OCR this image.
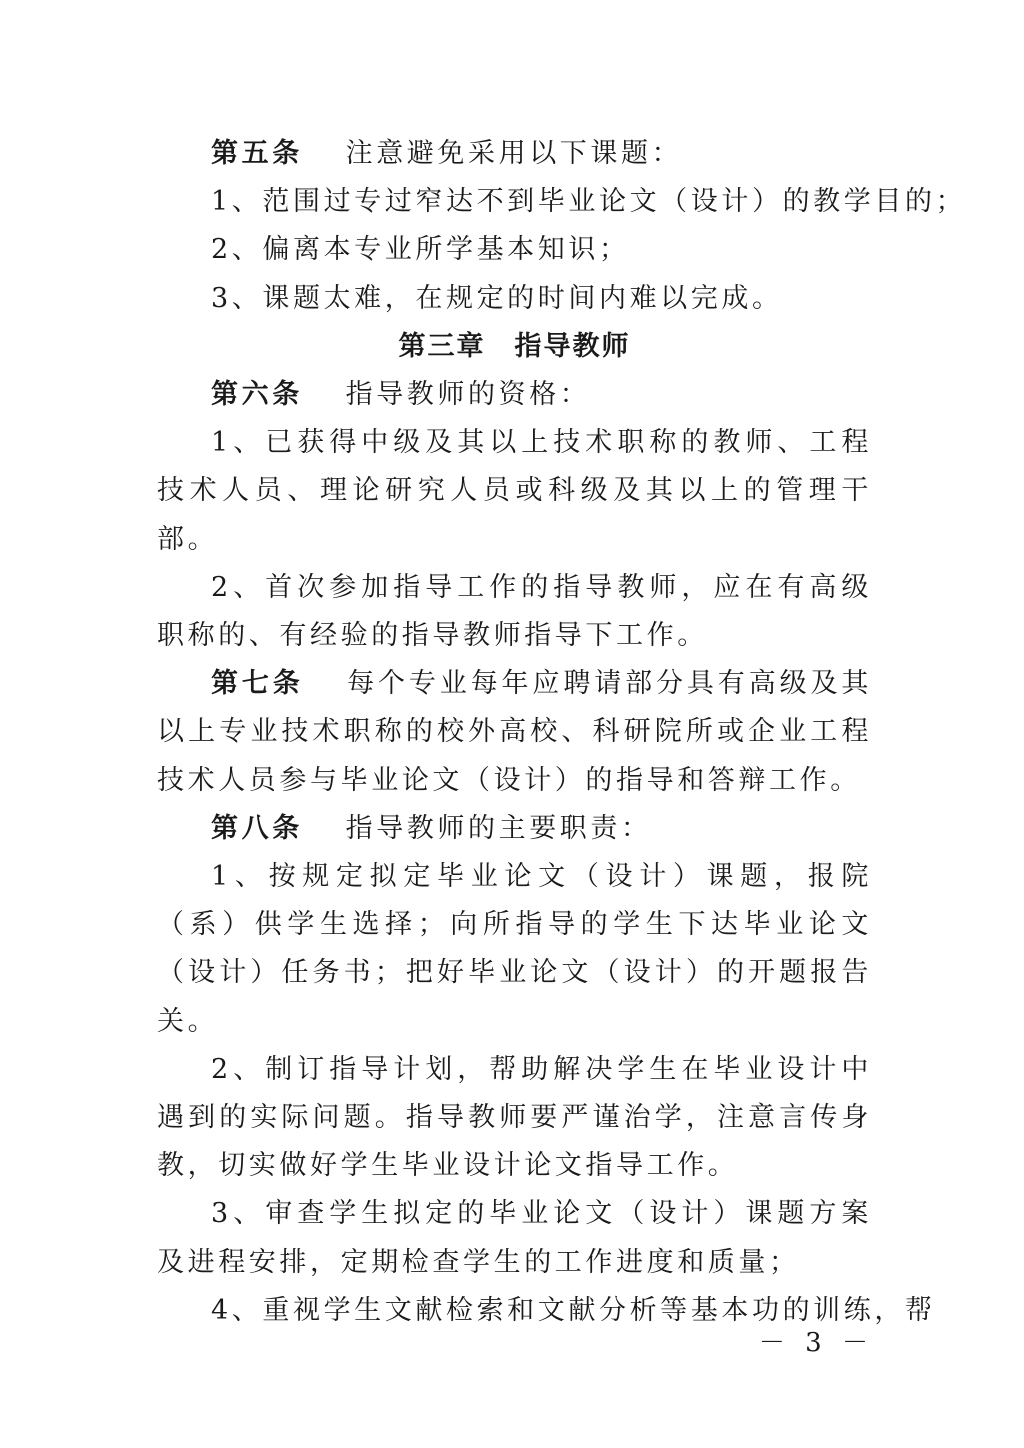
第五条　 注意避免采用以下课题：

1、范围过专过窄达不到毕业论文（设计）的教学目的；

2、偏离本专业所学基本知识；

3、课题太难，在规定的时间内难以完成。

第三章　指导教师

第六条　 指导教师的资格：

1、已获得中级及其以上技术职称的教师、工程技术人员、理论研究人员或科级及其以上的管理干部。

2、首次参加指导工作的指导教师，应在有高级职称的、有经验的指导教师指导下工作。

第七条　 每个专业每年应聘请部分具有高级及其以上专业技术职称的校外高校、科研院所或企业工程技术人员参与毕业论文（设计）的指导和答辩工作。

第八条　 指导教师的主要职责：

1、按规定拟定毕业论文（设计）课题，报院（系）供学生选择；向所指导的学生下达毕业论文（设计）任务书；把好毕业论文（设计）的开题报告关。

2、制订指导计划，帮助解决学生在毕业设计中遇到的实际问题。指导教师要严谨治学，注意言传身教，切实做好学生毕业设计论文指导工作。

3、审查学生拟定的毕业论文（设计）课题方案及进程安排，定期检查学生的工作进度和质量；

4、重视学生文献检索和文献分析等基本功的训练，帮

－ 3 －
